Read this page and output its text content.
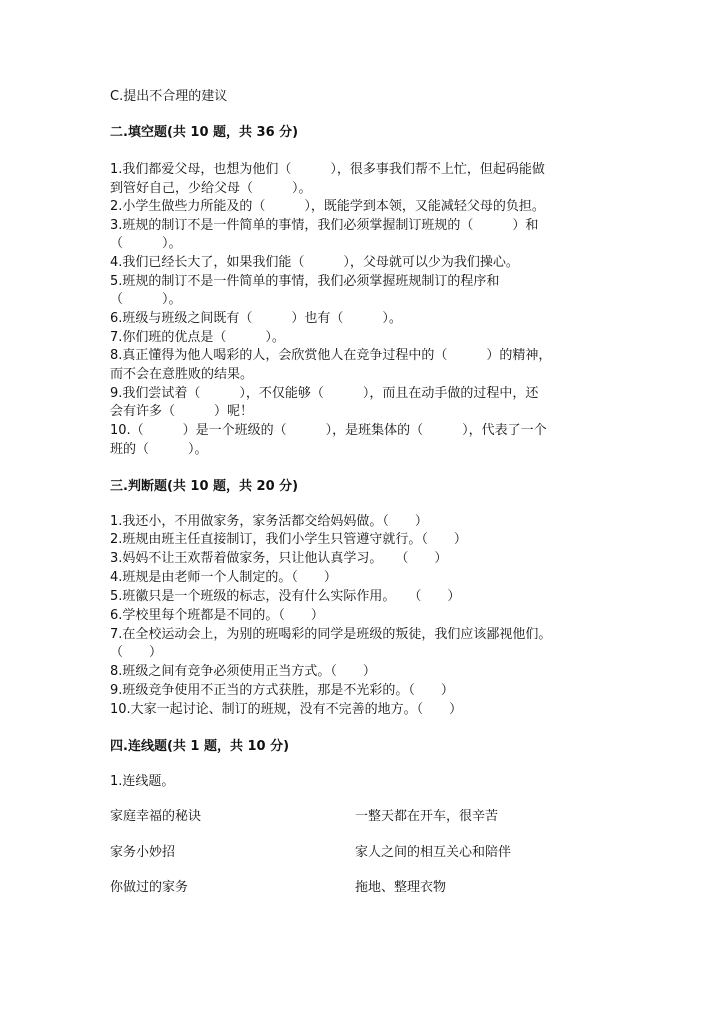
C.提出不合理的建议
二.填空题(共 10 题，共 36 分)
1.我们都爱父母，也想为他们（　　　），很多事我们帮不上忙，但起码能做
到管好自己，少给父母（　　　）。
2.小学生做些力所能及的（　　　），既能学到本领，又能减轻父母的负担。
3.班规的制订不是一件简单的事情，我们必须掌握制订班规的（　　　）和
（　　　）。
4.我们已经长大了，如果我们能（　　　），父母就可以少为我们操心。
5.班规的制订不是一件简单的事情，我们必须掌握班规制订的程序和
（　　　）。
6.班级与班级之间既有（　　　）也有（　　　）。
7.你们班的优点是（　　　）。
8.真正懂得为他人喝彩的人，会欣赏他人在竞争过程中的（　　　）的精神，
而不会在意胜败的结果。
9.我们尝试着（　　　），不仅能够（　　　），而且在动手做的过程中，还
会有许多（　　　）呢！
10.（　　　）是一个班级的（　　　），是班集体的（　　　），代表了一个
班的（　　　）。
三.判断题(共 10 题，共 20 分)
1.我还小，不用做家务，家务活都交给妈妈做。（　　）
2.班规由班主任直接制订，我们小学生只管遵守就行。（　　）
3.妈妈不让王欢帮着做家务，只让他认真学习。　　（　　）
4.班规是由老师一个人制定的。（　　）
5.班徽只是一个班级的标志，没有什么实际作用。　　（　　）
6.学校里每个班都是不同的。（　　）
7.在全校运动会上，为别的班喝彩的同学是班级的叛徒，我们应该鄙视他们。
（　　）
8.班级之间有竞争必须使用正当方式。（　　）
9.班级竞争使用不正当的方式获胜，那是不光彩的。（　　）
10.大家一起讨论、制订的班规，没有不完善的地方。（　　）
四.连线题(共 1 题，共 10 分)
1.连线题。
家庭幸福的秘诀	一整天都在开车，很辛苦
家务小妙招	家人之间的相互关心和陪伴
你做过的家务	拖地、整理衣物
